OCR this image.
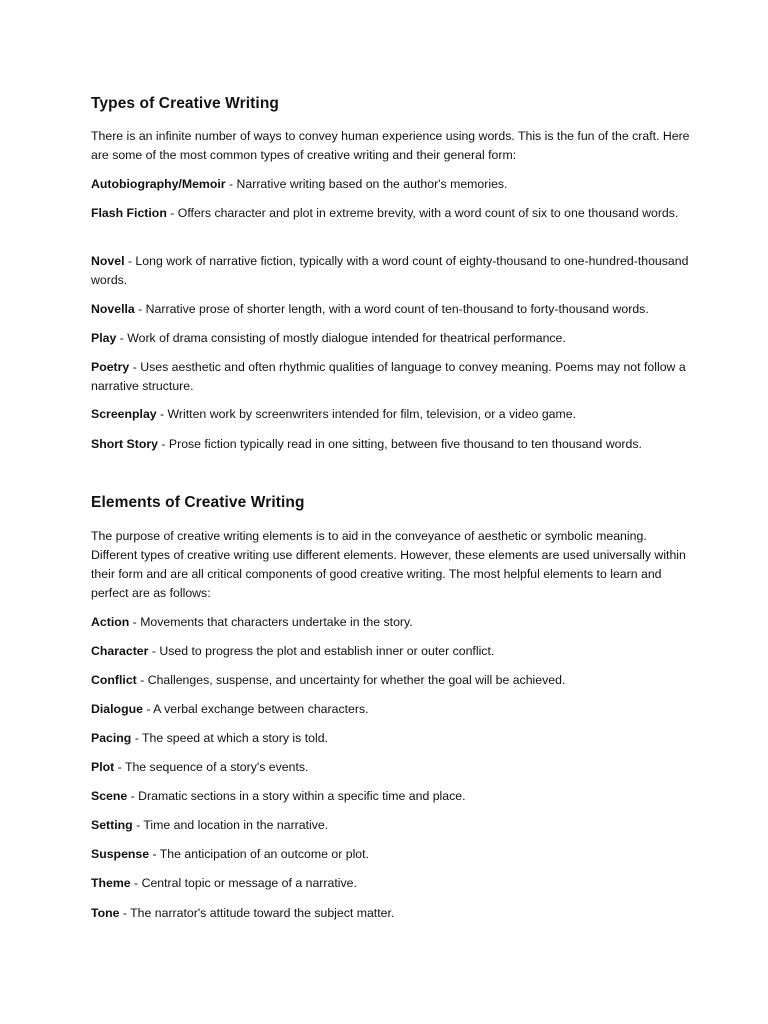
Types of Creative Writing

There is an infinite number of ways to convey human experience using words. This is the fun of the craft. Here are some of the most common types of creative writing and their general form:

Autobiography/Memoir - Narrative writing based on the author's memories.

Flash Fiction - Offers character and plot in extreme brevity, with a word count of six to one thousand words.

Novel - Long work of narrative fiction, typically with a word count of eighty-thousand to one-hundred-thousand words.

Novella - Narrative prose of shorter length, with a word count of ten-thousand to forty-thousand words.

Play - Work of drama consisting of mostly dialogue intended for theatrical performance.

Poetry - Uses aesthetic and often rhythmic qualities of language to convey meaning. Poems may not follow a narrative structure.

Screenplay - Written work by screenwriters intended for film, television, or a video game.

Short Story - Prose fiction typically read in one sitting, between five thousand to ten thousand words.

Elements of Creative Writing

The purpose of creative writing elements is to aid in the conveyance of aesthetic or symbolic meaning. Different types of creative writing use different elements. However, these elements are used universally within their form and are all critical components of good creative writing. The most helpful elements to learn and perfect are as follows:

Action - Movements that characters undertake in the story.

Character - Used to progress the plot and establish inner or outer conflict.

Conflict - Challenges, suspense, and uncertainty for whether the goal will be achieved.

Dialogue - A verbal exchange between characters.

Pacing - The speed at which a story is told.

Plot - The sequence of a story's events.

Scene - Dramatic sections in a story within a specific time and place.

Setting - Time and location in the narrative.

Suspense - The anticipation of an outcome or plot.

Theme - Central topic or message of a narrative.

Tone - The narrator's attitude toward the subject matter.
